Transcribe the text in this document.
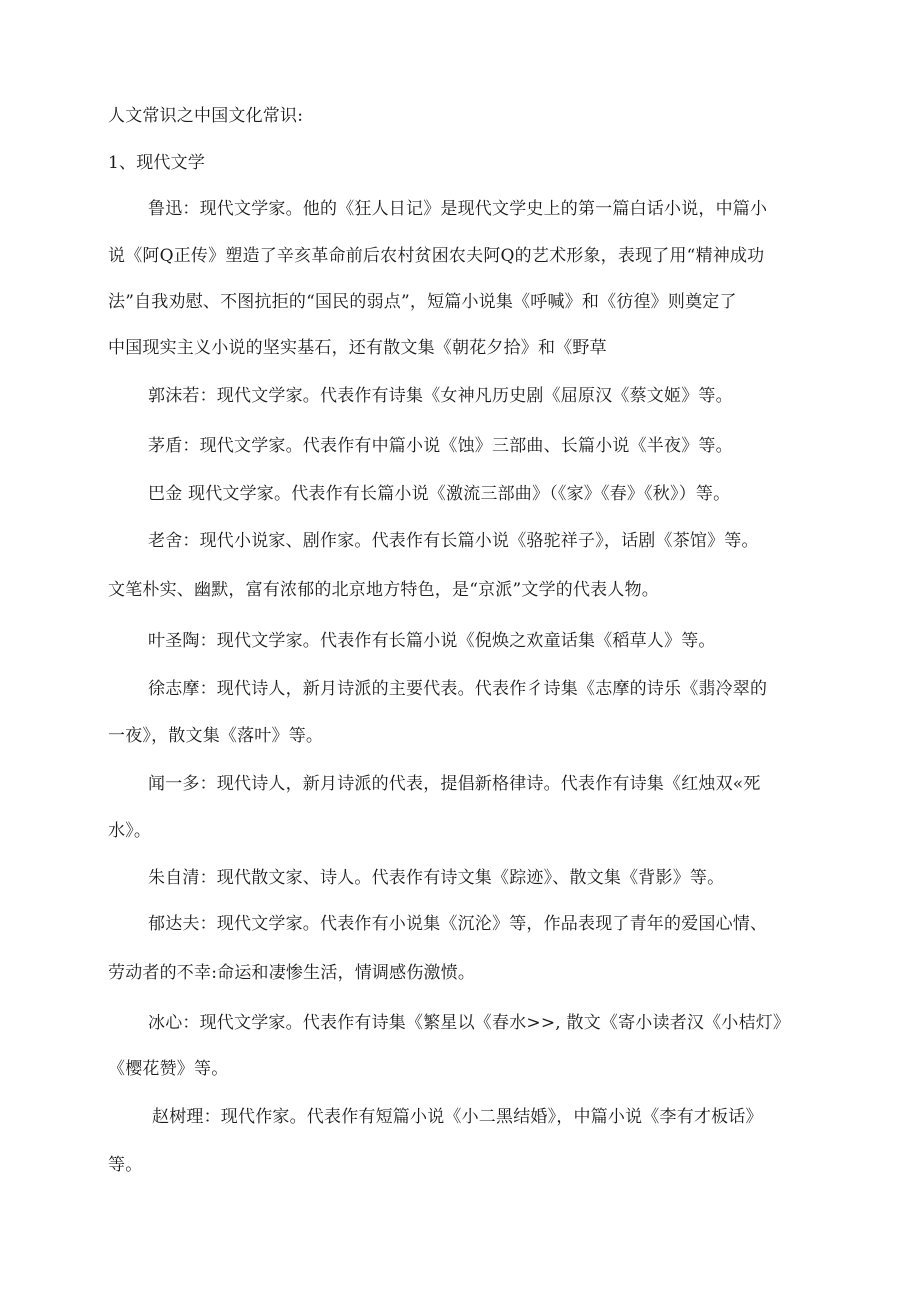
人文常识之中国文化常识:
1、现代文学
鲁迅：现代文学家。他的《狂人日记》是现代文学史上的第一篇白话小说，中篇小
说《阿Q正传》塑造了辛亥革命前后农村贫困农夫阿Q的艺术形象，表现了用“精神成功
法”自我劝慰、不图抗拒的“国民的弱点”，短篇小说集《呼喊》和《彷徨》则奠定了
中国现实主义小说的坚实基石，还有散文集《朝花夕拾》和《野草
郭沫若：现代文学家。代表作有诗集《女神凡历史剧《屈原汉《蔡文姬》等。
茅盾：现代文学家。代表作有中篇小说《蚀》三部曲、长篇小说《半夜》等。
巴金 现代文学家。代表作有长篇小说《激流三部曲》（《家》《春》《秋》）等。
老舍：现代小说家、剧作家。代表作有长篇小说《骆驼祥子》，话剧《茶馆》等。
文笔朴实、幽默，富有浓郁的北京地方特色，是“京派”文学的代表人物。
叶圣陶：现代文学家。代表作有长篇小说《倪焕之欢童话集《稻草人》等。
徐志摩：现代诗人，新月诗派的主要代表。代表作彳诗集《志摩的诗乐《翡冷翠的
一夜》，散文集《落叶》等。
闻一多：现代诗人，新月诗派的代表，提倡新格律诗。代表作有诗集《红烛双«死
水》。
朱自清：现代散文家、诗人。代表作有诗文集《踪迹》、散文集《背影》等。
郁达夫：现代文学家。代表作有小说集《沉沦》等，作品表现了青年的爱国心情、
劳动者的不幸:命运和凄惨生活，情调感伤激愤。
冰心：现代文学家。代表作有诗集《繁星以《春水>>, 散文《寄小读者汉《小桔灯》
《樱花赞》等。
赵树理：现代作家。代表作有短篇小说《小二黑结婚》，中篇小说《李有才板话》
等。
